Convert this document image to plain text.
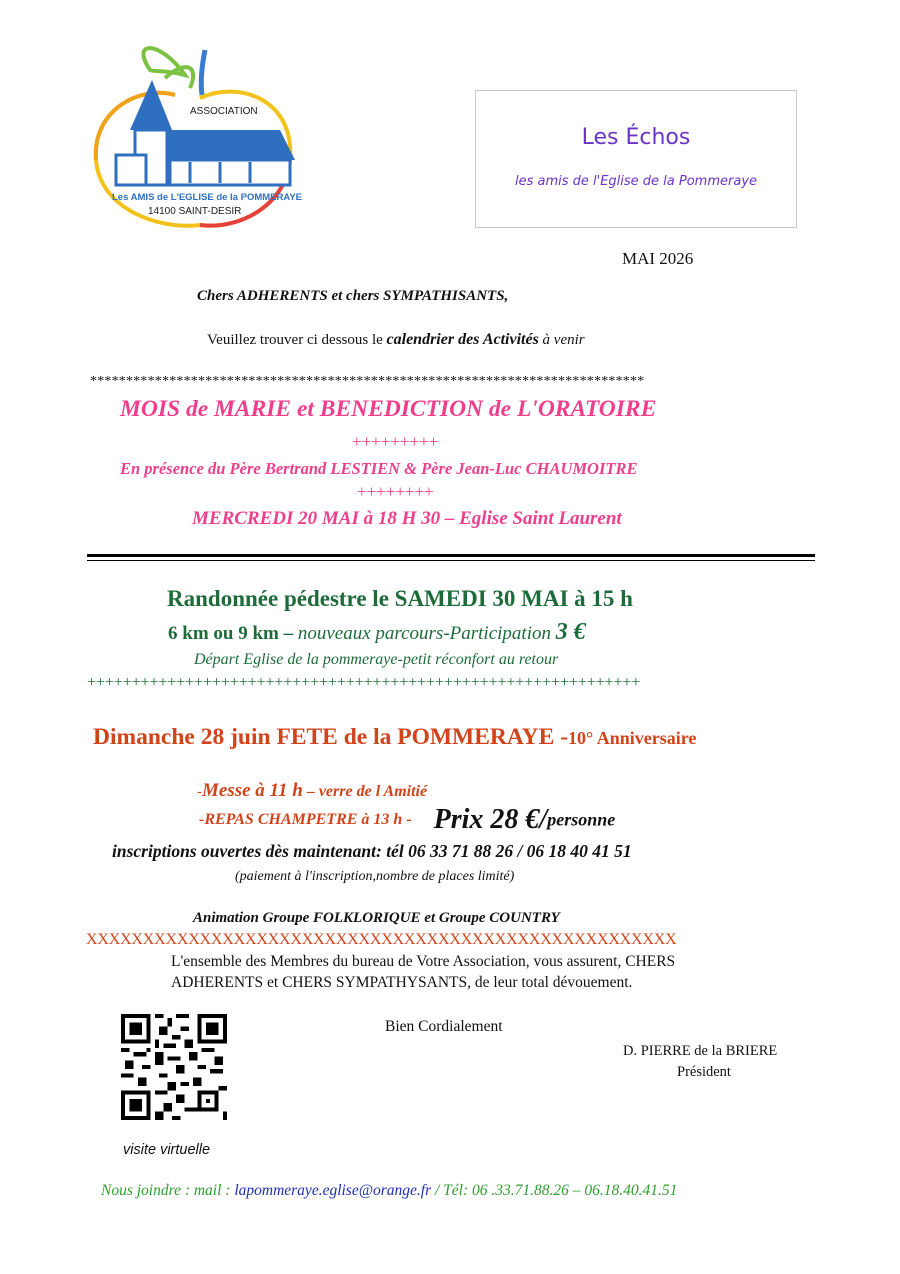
ASSOCIATION
Les AMIS de L'EGLISE de la POMMERAYE
14100 SAINT-DESIR
Les Échos
les amis de l'Eglise de la Pommeraye
MAI 2026
Chers ADHERENTS et chers SYMPATHISANTS,
Veuillez trouver ci dessous le calendrier des Activités à venir
*****************************************************************************
MOIS de MARIE et BENEDICTION de L'ORATOIRE
+++++++++
En présence du Père Bertrand LESTIEN & Père Jean-Luc CHAUMOITRE
++++++++
MERCREDI 20 MAI à 18 H 30 – Eglise Saint Laurent
Randonnée pédestre le SAMEDI 30 MAI à 15 h
6 km ou 9 km – nouveaux parcours-Participation 3 €
Départ Eglise de la pommeraye-petit réconfort au retour
++++++++++++++++++++++++++++++++++++++++++++++++++++++++++++++
Dimanche 28 juin FETE de la POMMERAYE -10° Anniversaire
-Messe à 11 h – verre de l Amitié
-REPAS CHAMPETRE à 13 h - Prix 28 €/personne
inscriptions ouvertes dès maintenant: tél 06 33 71 88 26 / 06 18 40 41 51
(paiement à l'inscription,nombre de places limité)
Animation Groupe FOLKLORIQUE et Groupe COUNTRY
XXXXXXXXXXXXXXXXXXXXXXXXXXXXXXXXXXXXXXXXXXXXXXXXXXXX
L'ensemble des Membres du bureau de Votre Association, vous assurent, CHERS
ADHERENTS et CHERS SYMPATHYSANTS, de leur total dévouement.
Bien Cordialement
D. PIERRE de la BRIERE
Président
visite virtuelle
Nous joindre : mail : lapommeraye.eglise@orange.fr / Tél: 06 .33.71.88.26 – 06.18.40.41.51
